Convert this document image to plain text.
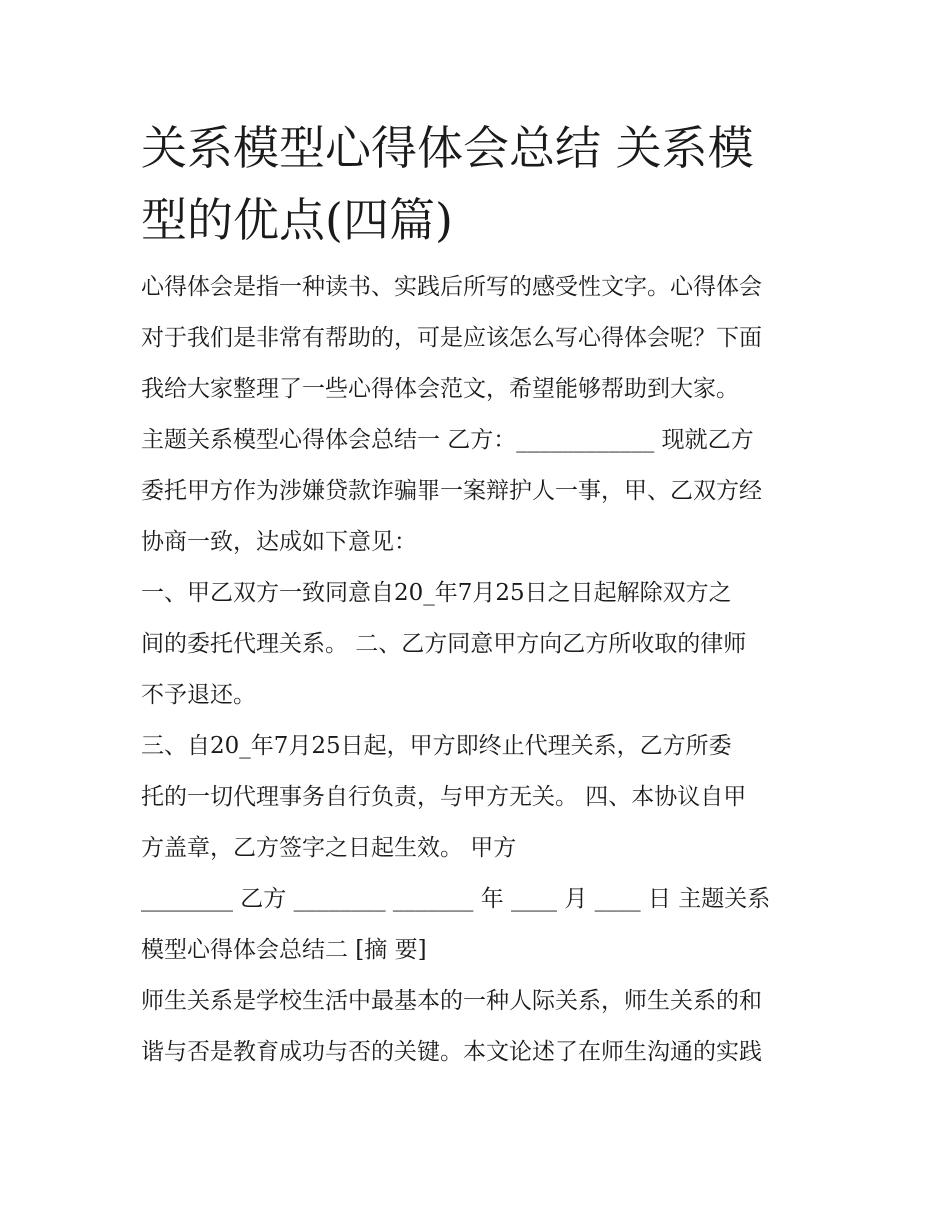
关系模型心得体会总结 关系模
型的优点(四篇)

心得体会是指一种读书、实践后所写的感受性文字。心得体会
对于我们是非常有帮助的，可是应该怎么写心得体会呢？下面
我给大家整理了一些心得体会范文，希望能够帮助到大家。

主题关系模型心得体会总结一 乙方：____________ 现就乙方
委托甲方作为涉嫌贷款诈骗罪一案辩护人一事，甲、乙双方经
协商一致，达成如下意见：

一、甲乙双方一致同意自20_年7月25日之日起解除双方之
间的委托代理关系。 二、乙方同意甲方向乙方所收取的律师
不予退还。

三、自20_年7月25日起，甲方即终止代理关系，乙方所委
托的一切代理事务自行负责，与甲方无关。 四、本协议自甲
方盖章，乙方签字之日起生效。 甲方

________ 乙方 ________ _______ 年 ____ 月 ____ 日 主题关系
模型心得体会总结二 [摘 要]

师生关系是学校生活中最基本的一种人际关系，师生关系的和
谐与否是教育成功与否的关键。本文论述了在师生沟通的实践
